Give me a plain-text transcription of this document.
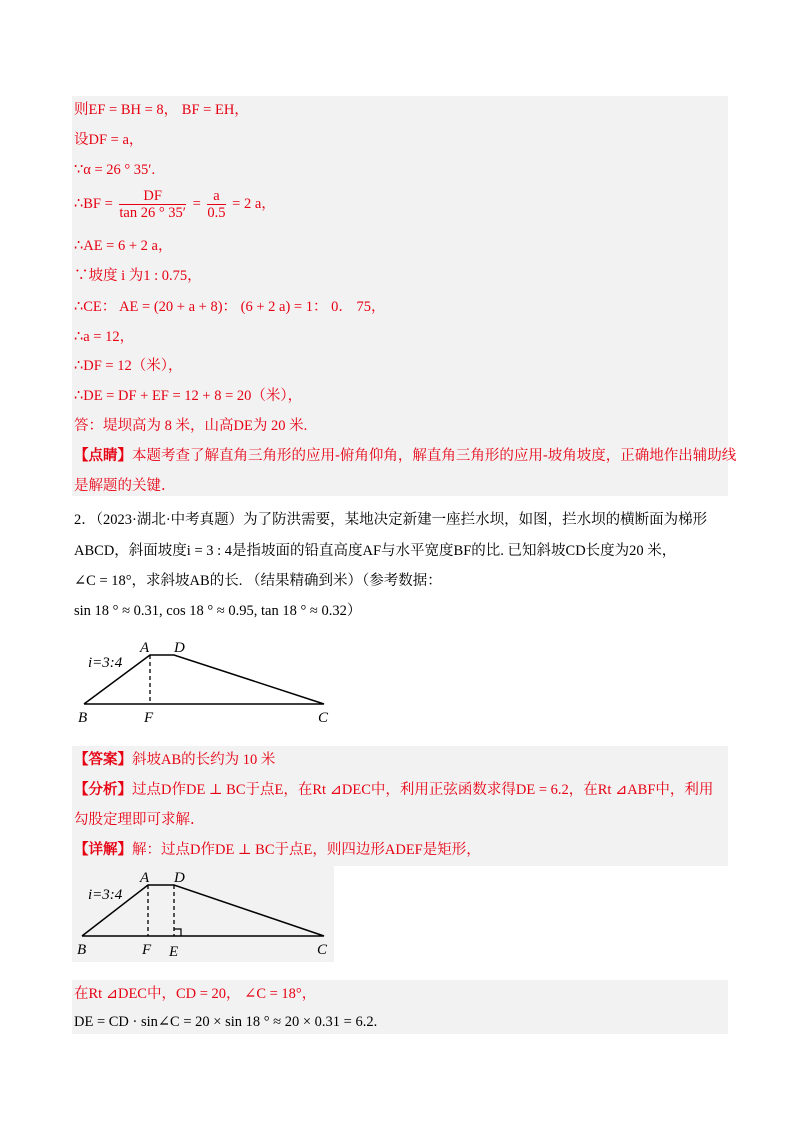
则EF = BH = 8， BF = EH，
设DF = a，
∵α = 26 ° 35′.
∴BF = $\frac{DF}{\tan 26 ^\circ 35'} = \frac{a}{0.5} = 2$ a，
∴AE = 6 + 2 a，
∵坡度 i 为1 : 0.75，
∴CE： AE = (20 + a + 8)： (6 + 2 a) = 1： 0． 75，
∴a = 12，
∴DF = 12（米），
∴DE = DF + EF = 12 + 8 = 20（米），
答：堤坝高为 8 米，山高DE为 20 米.
【点睛】本题考查了解直角三角形的应用-俯角仰角，解直角三角形的应用-坡角坡度，正确地作出辅助线
是解题的关键.
2．（2023·湖北·中考真题）为了防洪需要，某地决定新建一座拦水坝，如图，拦水坝的横断面为梯形
ABCD，斜面坡度i = 3 : 4是指坡面的铅直高度AF与水平宽度BF的比. 已知斜坡CD长度为20 米，
∠C = 18°，求斜坡AB的长. （结果精确到米）（参考数据：
sin 18 ° ≈ 0.31, cos 18 ° ≈ 0.95, tan 18 ° ≈ 0.32）
i=3:4
A D
B	F	C
【答案】斜坡AB的长约为 10 米
【分析】过点D作DE ⊥ BC于点E，在Rt ⊿DEC中，利用正弦函数求得DE = 6.2，在Rt ⊿ABF中，利用
勾股定理即可求解.
【详解】解：过点D作DE ⊥ BC于点E，则四边形ADEF是矩形，
i=3:4
A D
B	F E	C
在Rt ⊿DEC中，CD = 20， ∠C = 18°，
DE = CD · sin∠C = 20 × sin 18 ° ≈ 20 × 0.31 = 6.2.
